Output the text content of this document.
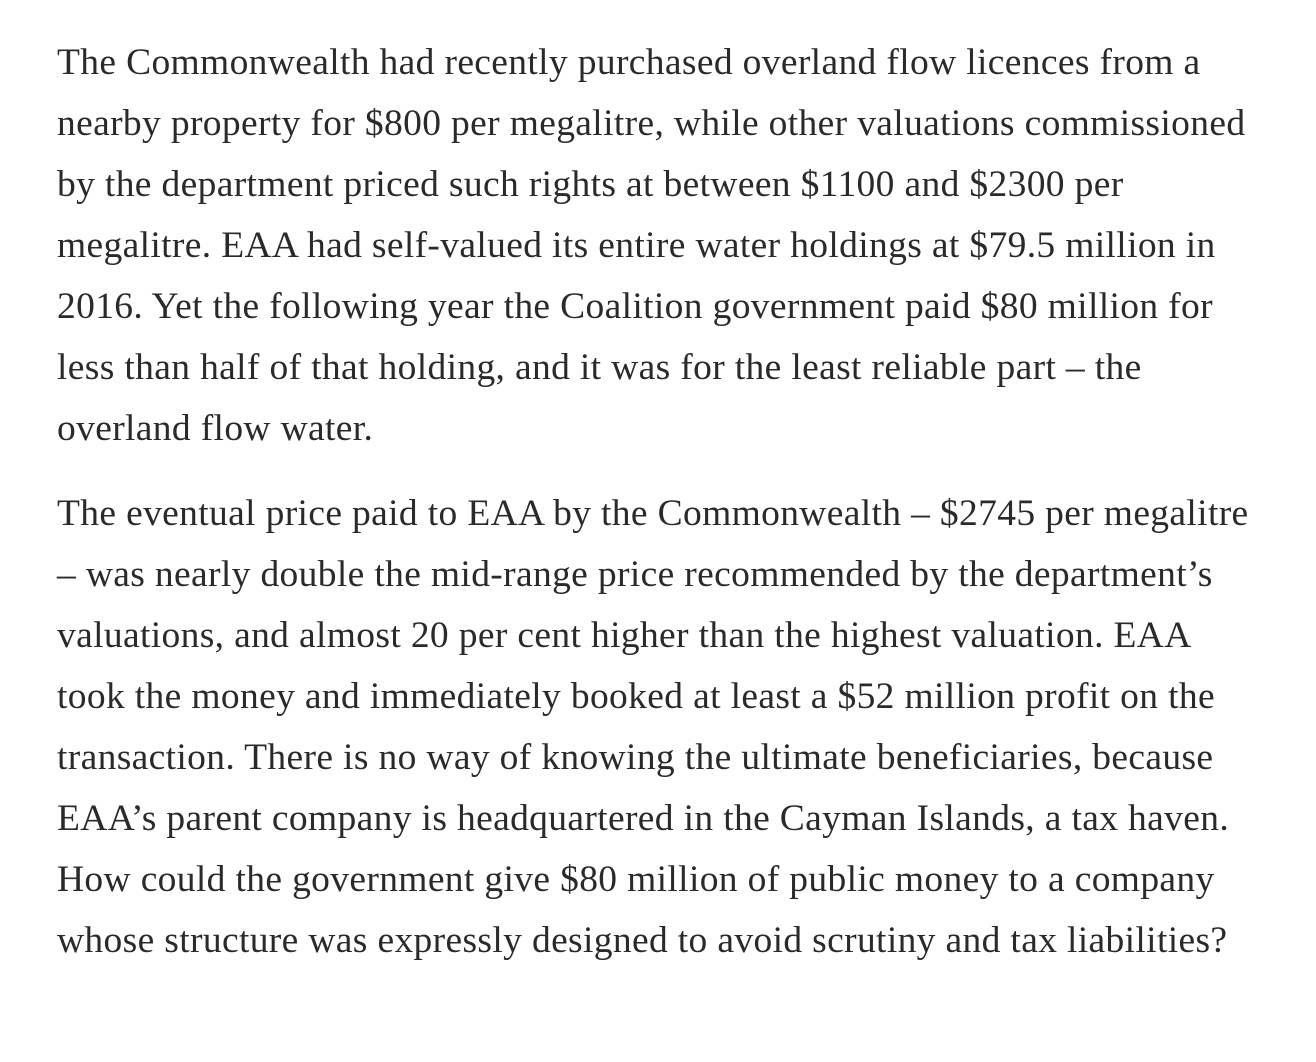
The Commonwealth had recently purchased overland flow licences from a nearby property for $800 per megalitre, while other valuations commissioned by the department priced such rights at between $1100 and $2300 per megalitre. EAA had self-valued its entire water holdings at $79.5 million in 2016. Yet the following year the Coalition government paid $80 million for less than half of that holding, and it was for the least reliable part – the overland flow water.

The eventual price paid to EAA by the Commonwealth – $2745 per megalitre – was nearly double the mid-range price recommended by the department’s valuations, and almost 20 per cent higher than the highest valuation. EAA took the money and immediately booked at least a $52 million profit on the transaction. There is no way of knowing the ultimate beneficiaries, because EAA’s parent company is headquartered in the Cayman Islands, a tax haven. How could the government give $80 million of public money to a company whose structure was expressly designed to avoid scrutiny and tax liabilities?
